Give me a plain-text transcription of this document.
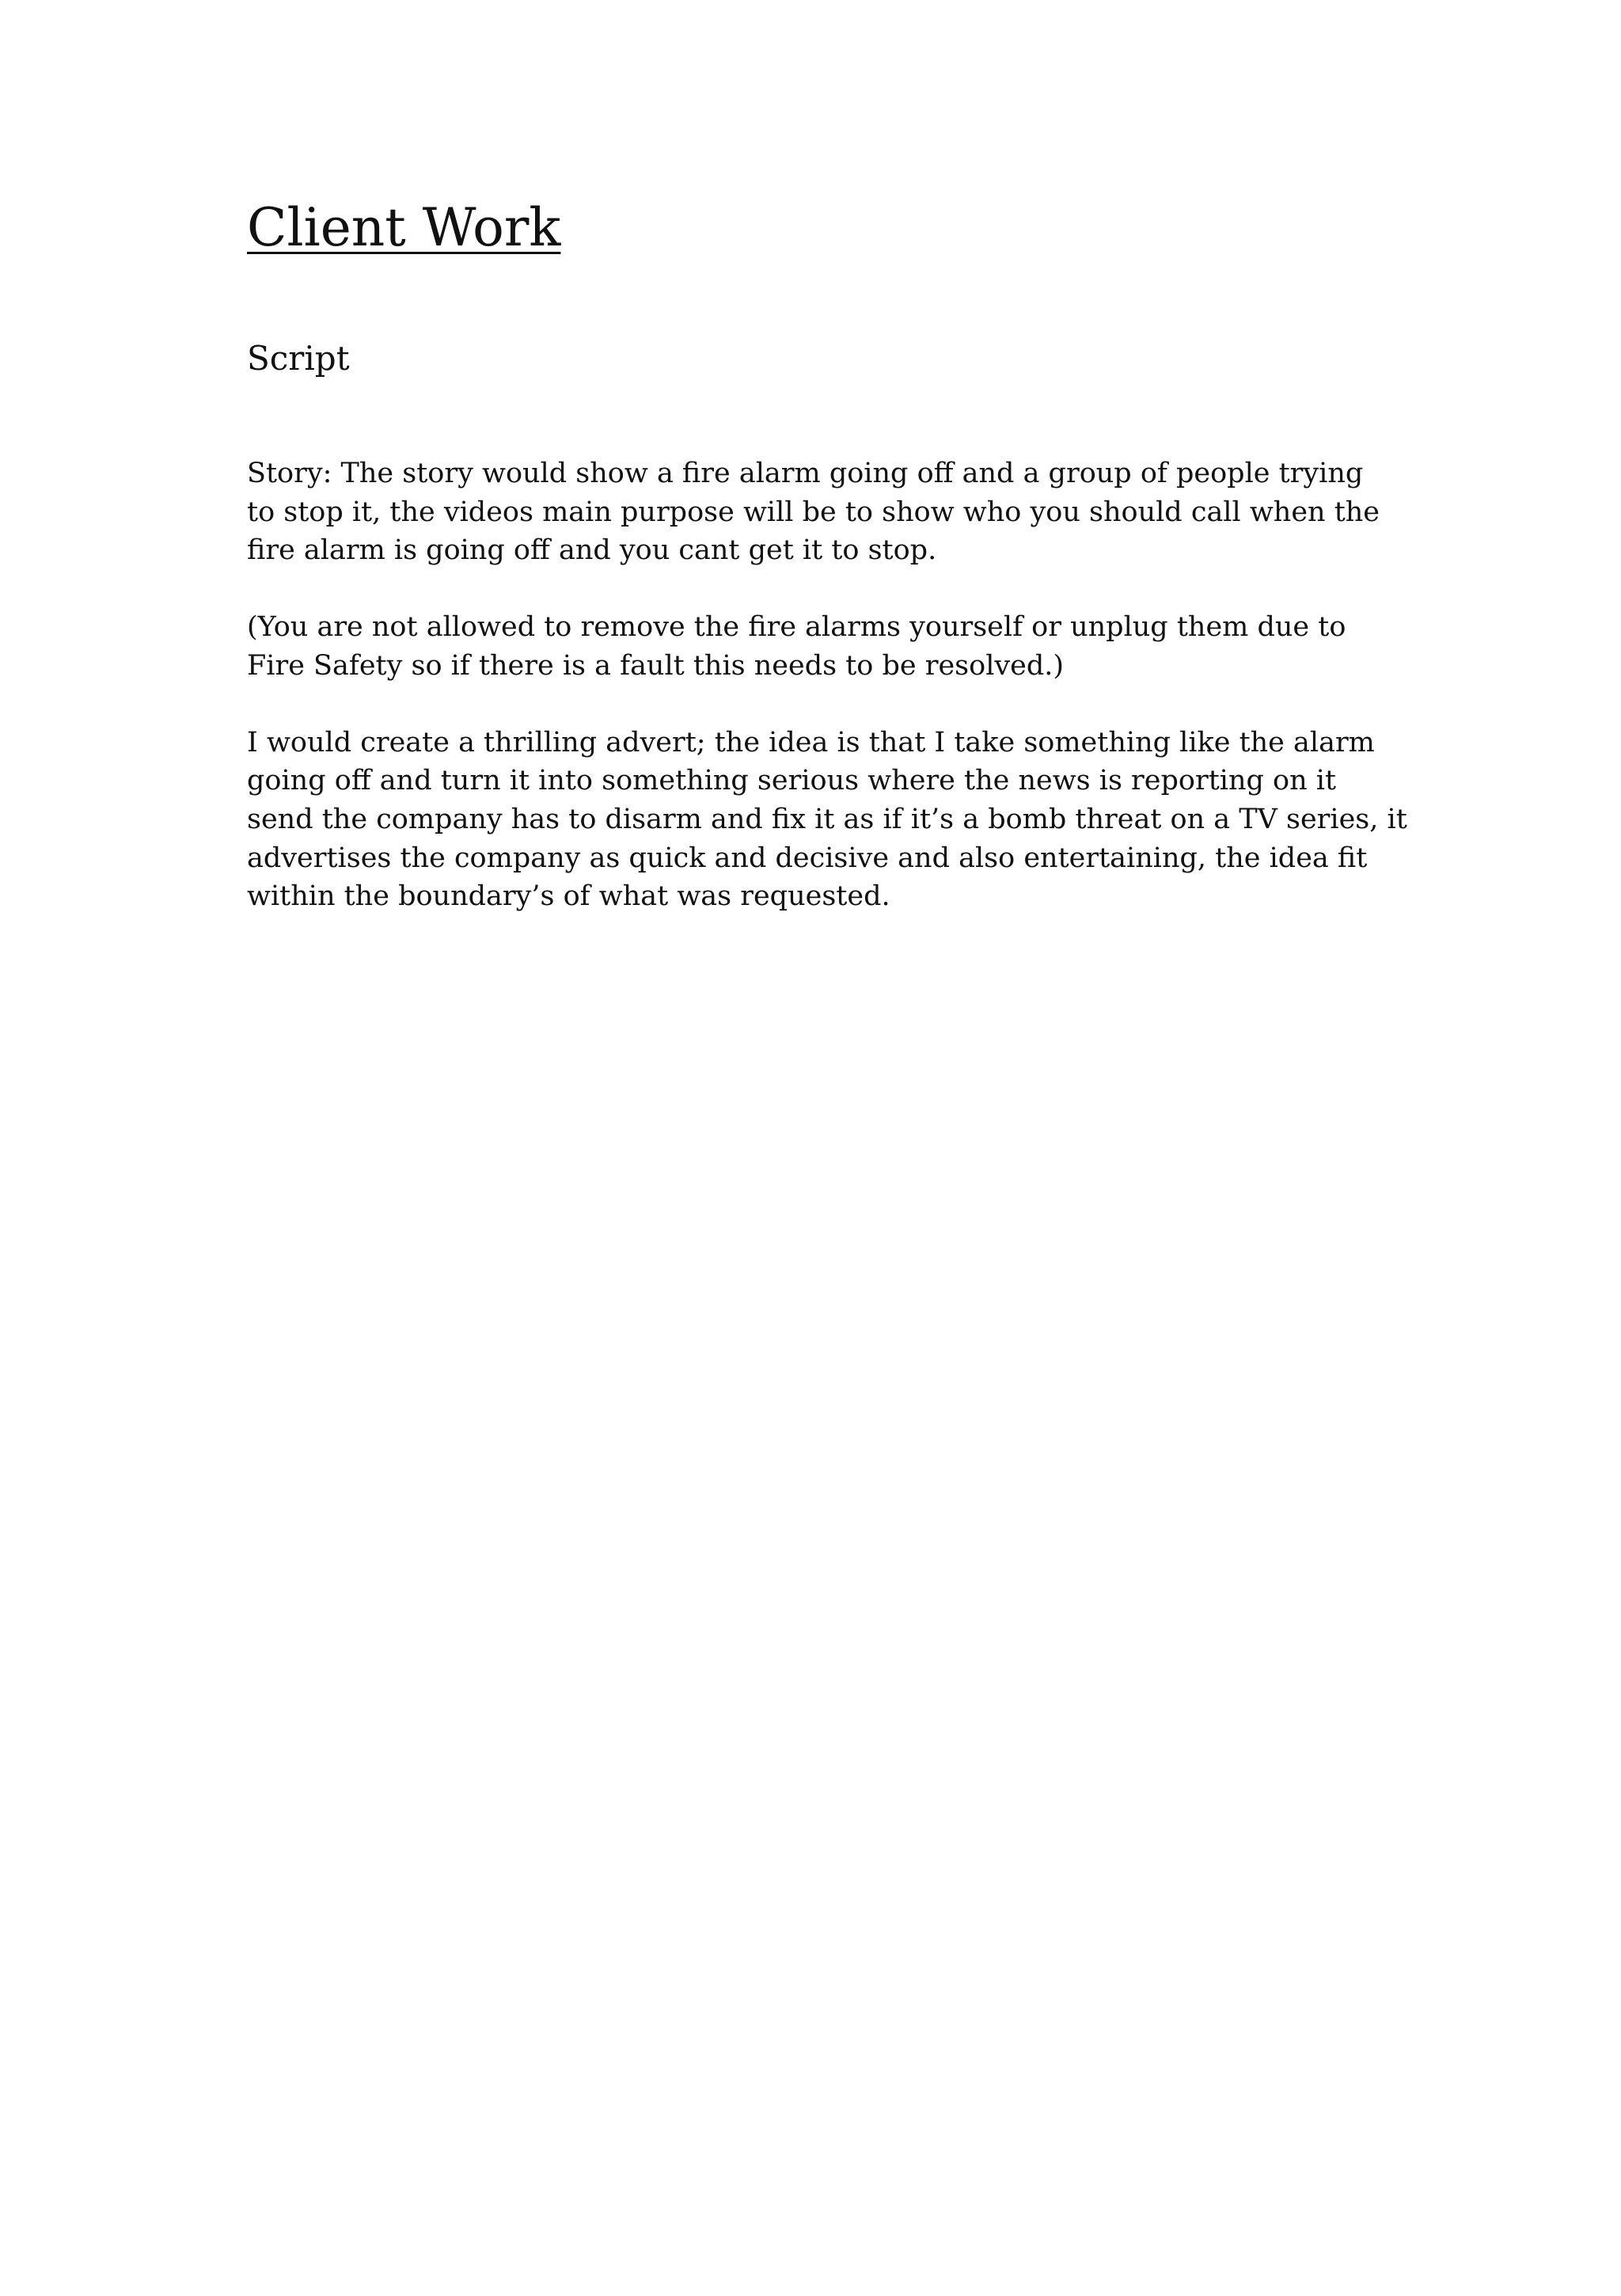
Client Work
Script

Story: The story would show a fire alarm going off and a group of people trying
to stop it, the videos main purpose will be to show who you should call when the
fire alarm is going off and you cant get it to stop.

(You are not allowed to remove the fire alarms yourself or unplug them due to
Fire Safety so if there is a fault this needs to be resolved.)

I would create a thrilling advert; the idea is that I take something like the alarm
going off and turn it into something serious where the news is reporting on it
send the company has to disarm and fix it as if it’s a bomb threat on a TV series, it
advertises the company as quick and decisive and also entertaining, the idea fit
within the boundary’s of what was requested.
